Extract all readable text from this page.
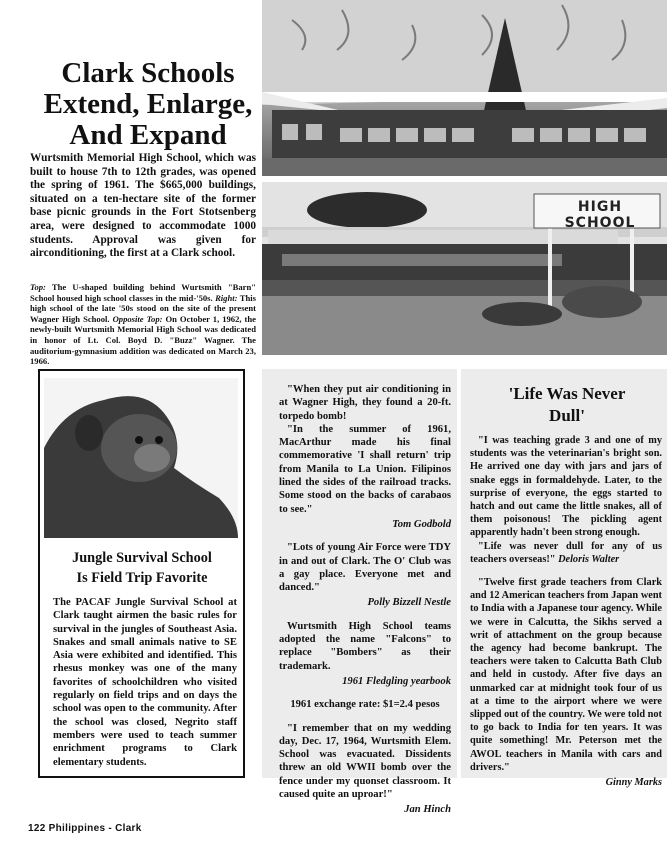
HIGH SCHOOL
Clark Schools
Extend, Enlarge,
And Expand
Wurtsmith Memorial High School, which was built to house 7th to 12th grades, was opened the spring of 1961. The $665,000 buildings, situated on a ten-hectare site of the former base picnic grounds in the Fort Stotsenberg area, were designed to accommodate 1000 students. Approval was given for airconditioning, the first at a Clark school.
Top: The U-shaped building behind Wurtsmith "Barn" School housed high school classes in the mid-'50s. Right: This high school of the late '50s stood on the site of the present Wagner High School. Opposite Top: On October 1, 1962, the newly-built Wurtsmith Memorial High School was dedicated in honor of Lt. Col. Boyd D. "Buzz" Wagner. The auditorium-gymnasium addition was dedicated on March 23, 1966.
Jungle Survival School
Is Field Trip Favorite
The PACAF Jungle Survival School at Clark taught airmen the basic rules for survival in the jungles of Southeast Asia. Snakes and small animals native to SE Asia were exhibited and identified. This rhesus monkey was one of the many favorites of schoolchildren who visited regularly on field trips and on days the school was open to the community. After the school was closed, Negrito staff members were used to teach summer enrichment programs to Clark elementary students.

"When they put air conditioning in at Wagner High, they found a 20-ft. torpedo bomb!

"In the summer of 1961, MacArthur made his final commemorative 'I shall return' trip from Manila to La Union. Filipinos lined the sides of the railroad tracks. Some stood on the backs of carabaos to see."

Tom Godbold

"Lots of young Air Force were TDY in and out of Clark. The O' Club was a gay place. Everyone met and danced."

Polly Bizzell Nestle

Wurtsmith High School teams adopted the name "Falcons" to replace "Bombers" as their trademark.

1961 Fledgling yearbook

1961 exchange rate: $1=2.4 pesos

"I remember that on my wedding day, Dec. 17, 1964, Wurtsmith Elem. School was evacuated. Dissidents threw an old WWII bomb over the fence under my quonset classroom. It caused quite an uproar!"

Jan Hinch

'Life Was Never
Dull'

"I was teaching grade 3 and one of my students was the veterinarian's bright son. He arrived one day with jars and jars of snake eggs in formaldehyde. Later, to the surprise of everyone, the eggs started to hatch and out came the little snakes, all of them poisonous! The pickling agent apparently hadn't been strong enough.

"Life was never dull for any of us teachers overseas!" Deloris Walter

"Twelve first grade teachers from Clark and 12 American teachers from Japan went to India with a Japanese tour agency. While we were in Calcutta, the Sikhs served a writ of attachment on the group because the agency had become bankrupt. The teachers were taken to Calcutta Bath Club and held in custody. After five days an unmarked car at midnight took four of us at a time to the airport where we were slipped out of the country. We were told not to go back to India for ten years. It was quite something! Mr. Peterson met the AWOL teachers in Manila with cars and drivers."

Ginny Marks

122 Philippines - Clark
